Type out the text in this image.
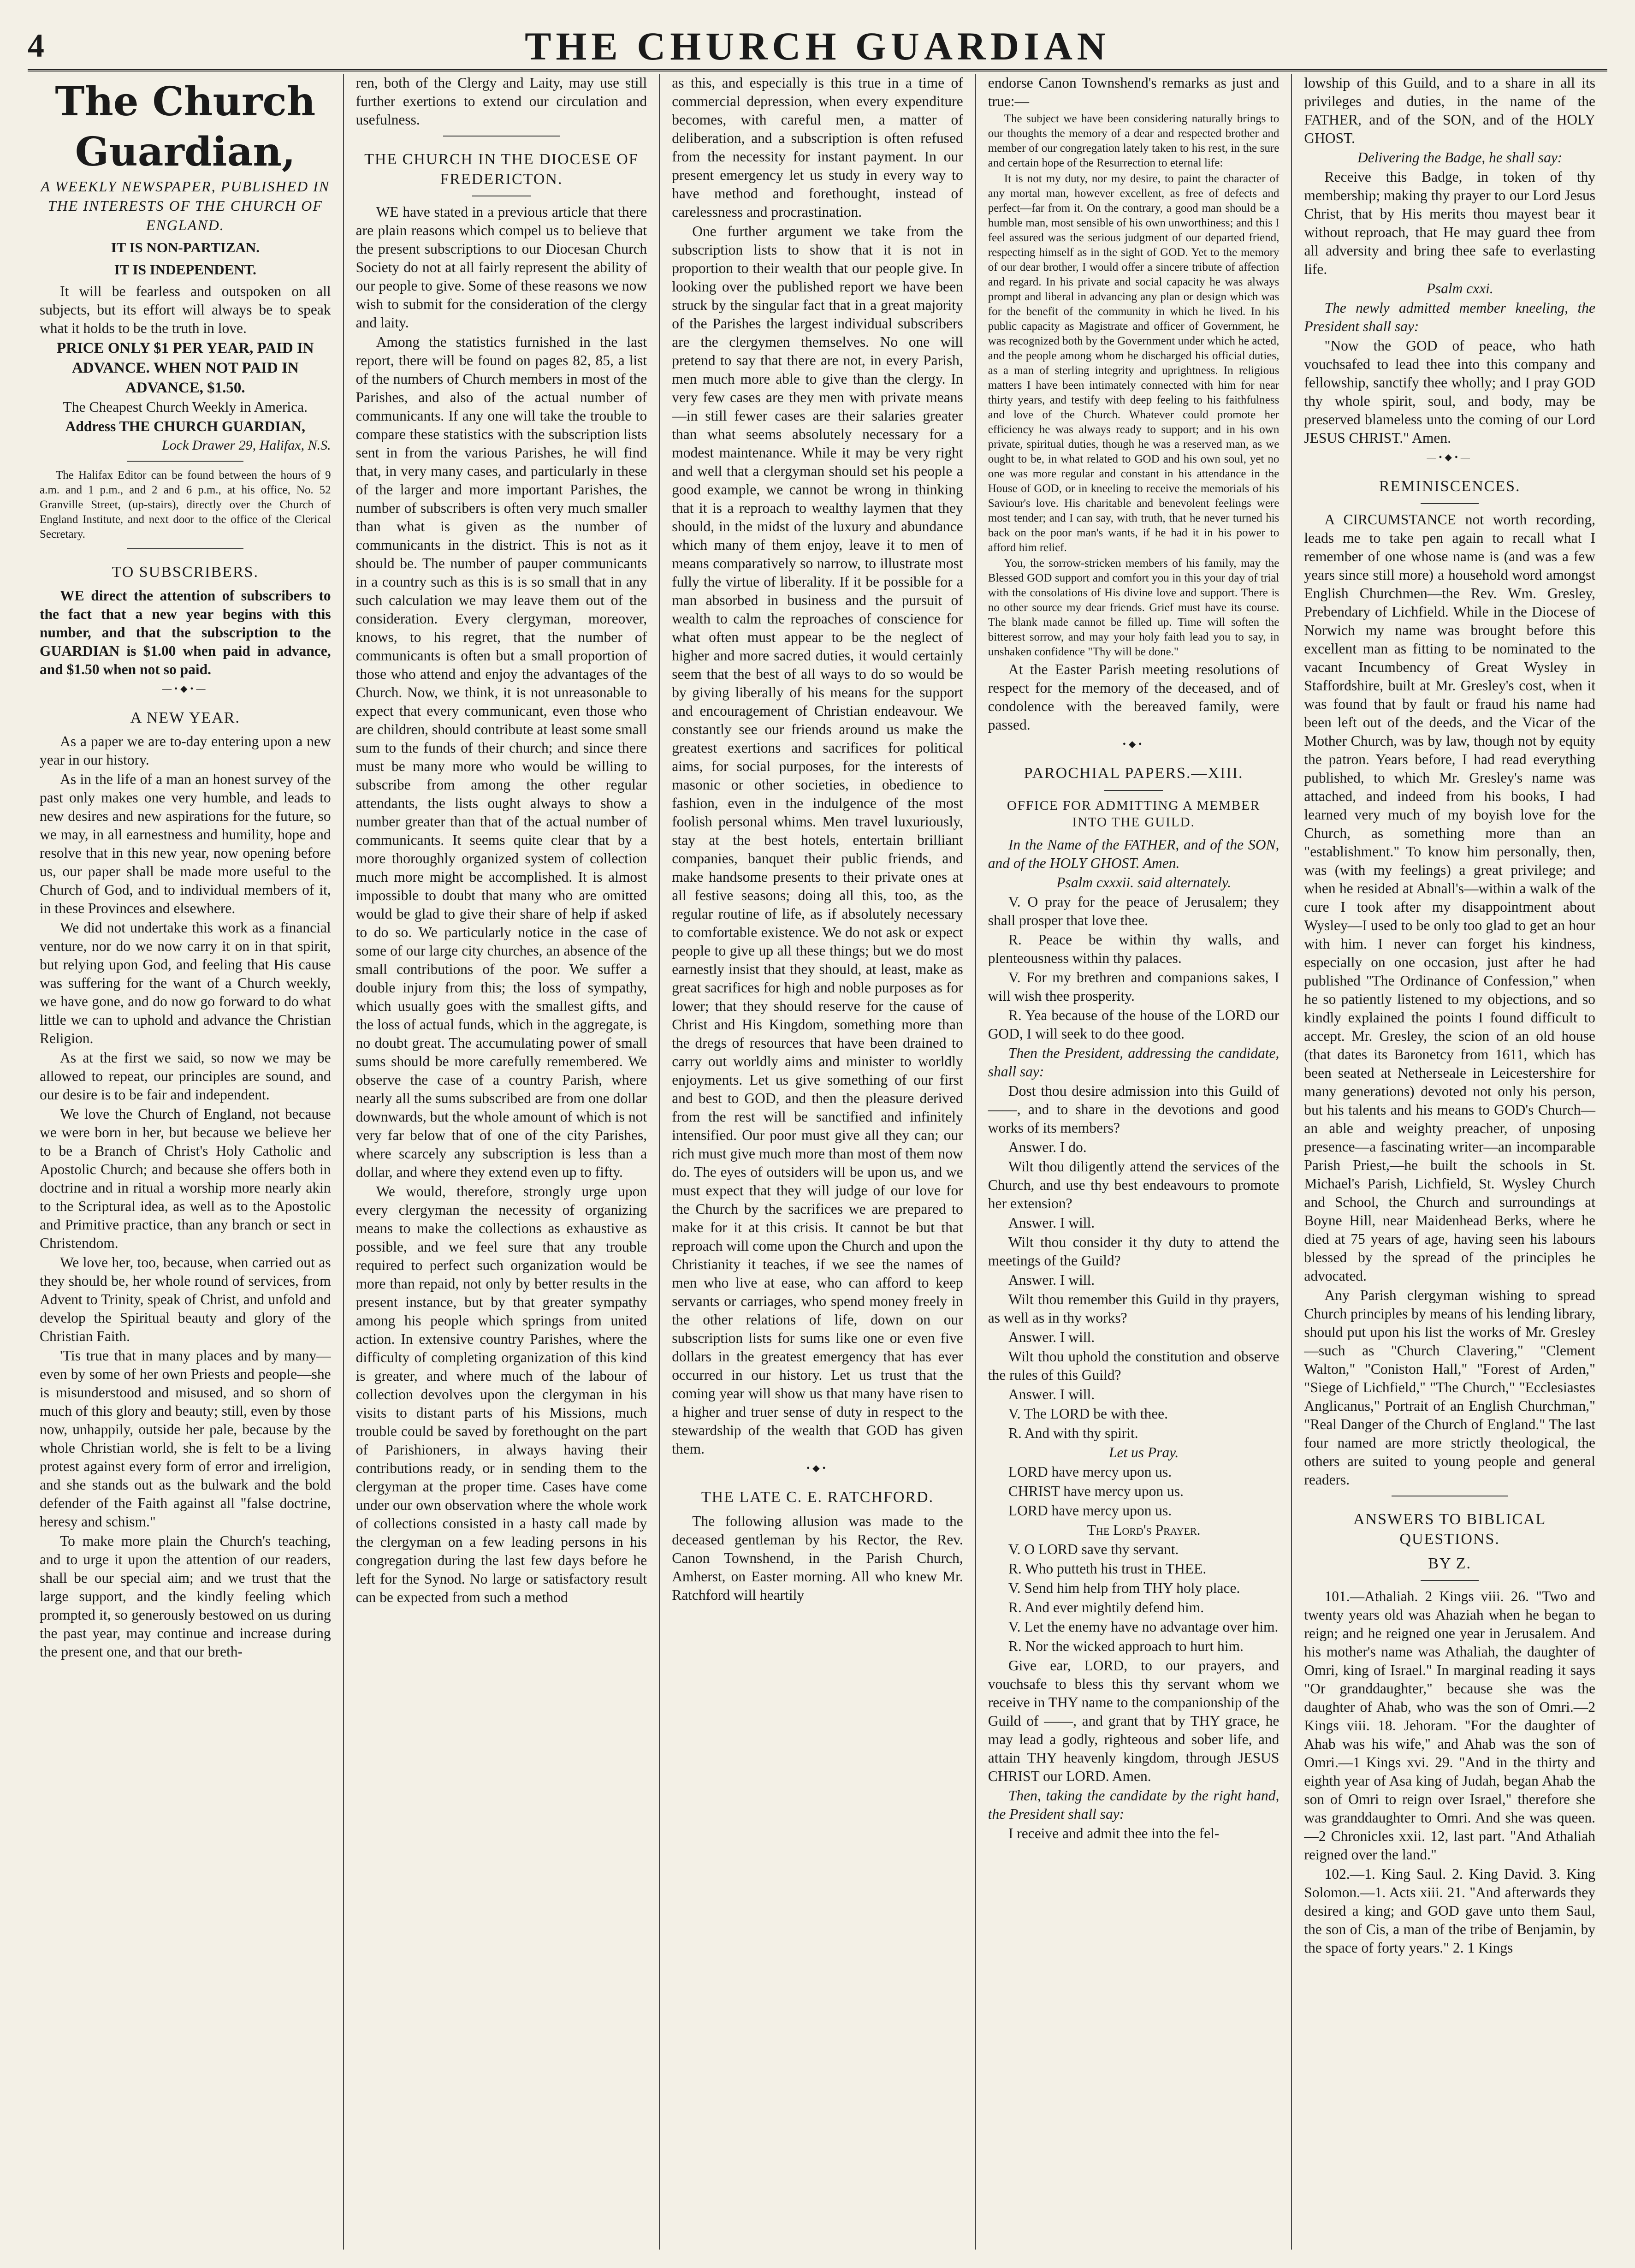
4	THE CHURCH GUARDIAN
The Church Guardian,
A WEEKLY NEWSPAPER, PUBLISHED IN THE INTERESTS OF THE CHURCH OF ENGLAND.
IT IS NON-PARTIZAN.
IT IS INDEPENDENT.

It will be fearless and outspoken on all subjects, but its effort will always be to speak what it holds to be the truth in love.

PRICE ONLY $1 PER YEAR, PAID IN ADVANCE. WHEN NOT PAID IN ADVANCE, $1.50.

The Cheapest Church Weekly in America.

Address THE CHURCH GUARDIAN,

Lock Drawer 29, Halifax, N.S.

The Halifax Editor can be found between the hours of 9 a.m. and 1 p.m., and 2 and 6 p.m., at his office, No. 52 Granville Street, (up-stairs), directly over the Church of England Institute, and next door to the office of the Clerical Secretary.

TO SUBSCRIBERS.

WE direct the attention of subscribers to the fact that a new year begins with this number, and that the subscription to the GUARDIAN is $1.00 when paid in advance, and $1.50 when not so paid.

—•◆•—
A NEW YEAR.

As a paper we are to-day entering upon a new year in our history.

As in the life of a man an honest survey of the past only makes one very humble, and leads to new desires and new aspirations for the future, so we may, in all earnestness and humility, hope and resolve that in this new year, now opening before us, our paper shall be made more useful to the Church of God, and to individual members of it, in these Provinces and elsewhere.

We did not undertake this work as a financial venture, nor do we now carry it on in that spirit, but relying upon God, and feeling that His cause was suffering for the want of a Church weekly, we have gone, and do now go forward to do what little we can to uphold and advance the Christian Religion.

As at the first we said, so now we may be allowed to repeat, our principles are sound, and our desire is to be fair and independent.

We love the Church of England, not because we were born in her, but because we believe her to be a Branch of Christ's Holy Catholic and Apostolic Church; and because she offers both in doctrine and in ritual a worship more nearly akin to the Scriptural idea, as well as to the Apostolic and Primitive practice, than any branch or sect in Christendom.

We love her, too, because, when carried out as they should be, her whole round of services, from Advent to Trinity, speak of Christ, and unfold and develop the Spiritual beauty and glory of the Christian Faith.

'Tis true that in many places and by many—even by some of her own Priests and people—she is misunderstood and misused, and so shorn of much of this glory and beauty; still, even by those now, unhappily, outside her pale, because by the whole Christian world, she is felt to be a living protest against every form of error and irreligion, and she stands out as the bulwark and the bold defender of the Faith against all "false doctrine, heresy and schism."

To make more plain the Church's teaching, and to urge it upon the attention of our readers, shall be our special aim; and we trust that the large support, and the kindly feeling which prompted it, so generously bestowed on us during the past year, may continue and increase during the present one, and that our breth-

ren, both of the Clergy and Laity, may use still further exertions to extend our circulation and usefulness.

THE CHURCH IN THE DIOCESE OF FREDERICTON.

WE have stated in a previous article that there are plain reasons which compel us to believe that the present subscriptions to our Diocesan Church Society do not at all fairly represent the ability of our people to give. Some of these reasons we now wish to submit for the consideration of the clergy and laity.

Among the statistics furnished in the last report, there will be found on pages 82, 85, a list of the numbers of Church members in most of the Parishes, and also of the actual number of communicants. If any one will take the trouble to compare these statistics with the subscription lists sent in from the various Parishes, he will find that, in very many cases, and particularly in these of the larger and more important Parishes, the number of subscribers is often very much smaller than what is given as the number of communicants in the district. This is not as it should be. The number of pauper communicants in a country such as this is is so small that in any such calculation we may leave them out of the consideration. Every clergyman, moreover, knows, to his regret, that the number of communicants is often but a small proportion of those who attend and enjoy the advantages of the Church. Now, we think, it is not unreasonable to expect that every communicant, even those who are children, should contribute at least some small sum to the funds of their church; and since there must be many more who would be willing to subscribe from among the other regular attendants, the lists ought always to show a number greater than that of the actual number of communicants. It seems quite clear that by a more thoroughly organized system of collection much more might be accomplished. It is almost impossible to doubt that many who are omitted would be glad to give their share of help if asked to do so. We particularly notice in the case of some of our large city churches, an absence of the small contributions of the poor. We suffer a double injury from this; the loss of sympathy, which usually goes with the smallest gifts, and the loss of actual funds, which in the aggregate, is no doubt great. The accumulating power of small sums should be more carefully remembered. We observe the case of a country Parish, where nearly all the sums subscribed are from one dollar downwards, but the whole amount of which is not very far below that of one of the city Parishes, where scarcely any subscription is less than a dollar, and where they extend even up to fifty.

We would, therefore, strongly urge upon every clergyman the necessity of organizing means to make the collections as exhaustive as possible, and we feel sure that any trouble required to perfect such organization would be more than repaid, not only by better results in the present instance, but by that greater sympathy among his people which springs from united action. In extensive country Parishes, where the difficulty of completing organization of this kind is greater, and where much of the labour of collection devolves upon the clergyman in his visits to distant parts of his Missions, much trouble could be saved by forethought on the part of Parishioners, in always having their contributions ready, or in sending them to the clergyman at the proper time. Cases have come under our own observation where the whole work of collections consisted in a hasty call made by the clergyman on a few leading persons in his congregation during the last few days before he left for the Synod. No large or satisfactory result can be expected from such a method

as this, and especially is this true in a time of commercial depression, when every expenditure becomes, with careful men, a matter of deliberation, and a subscription is often refused from the necessity for instant payment. In our present emergency let us study in every way to have method and forethought, instead of carelessness and procrastination.

One further argument we take from the subscription lists to show that it is not in proportion to their wealth that our people give. In looking over the published report we have been struck by the singular fact that in a great majority of the Parishes the largest individual subscribers are the clergymen themselves. No one will pretend to say that there are not, in every Parish, men much more able to give than the clergy. In very few cases are they men with private means—in still fewer cases are their salaries greater than what seems absolutely necessary for a modest maintenance. While it may be very right and well that a clergyman should set his people a good example, we cannot be wrong in thinking that it is a reproach to wealthy laymen that they should, in the midst of the luxury and abundance which many of them enjoy, leave it to men of means comparatively so narrow, to illustrate most fully the virtue of liberality. If it be possible for a man absorbed in business and the pursuit of wealth to calm the reproaches of conscience for what often must appear to be the neglect of higher and more sacred duties, it would certainly seem that the best of all ways to do so would be by giving liberally of his means for the support and encouragement of Christian endeavour. We constantly see our friends around us make the greatest exertions and sacrifices for political aims, for social purposes, for the interests of masonic or other societies, in obedience to fashion, even in the indulgence of the most foolish personal whims. Men travel luxuriously, stay at the best hotels, entertain brilliant companies, banquet their public friends, and make handsome presents to their private ones at all festive seasons; doing all this, too, as the regular routine of life, as if absolutely necessary to comfortable existence. We do not ask or expect people to give up all these things; but we do most earnestly insist that they should, at least, make as great sacrifices for high and noble purposes as for lower; that they should reserve for the cause of Christ and His Kingdom, something more than the dregs of resources that have been drained to carry out worldly aims and minister to worldly enjoyments. Let us give something of our first and best to GOD, and then the pleasure derived from the rest will be sanctified and infinitely intensified. Our poor must give all they can; our rich must give much more than most of them now do. The eyes of outsiders will be upon us, and we must expect that they will judge of our love for the Church by the sacrifices we are prepared to make for it at this crisis. It cannot be but that reproach will come upon the Church and upon the Christianity it teaches, if we see the names of men who live at ease, who can afford to keep servants or carriages, who spend money freely in the other relations of life, down on our subscription lists for sums like one or even five dollars in the greatest emergency that has ever occurred in our history. Let us trust that the coming year will show us that many have risen to a higher and truer sense of duty in respect to the stewardship of the wealth that GOD has given them.

—•◆•—
THE LATE C. E. RATCHFORD.

The following allusion was made to the deceased gentleman by his Rector, the Rev. Canon Townshend, in the Parish Church, Amherst, on Easter morning. All who knew Mr. Ratchford will heartily

endorse Canon Townshend's remarks as just and true:—

The subject we have been considering naturally brings to our thoughts the memory of a dear and respected brother and member of our congregation lately taken to his rest, in the sure and certain hope of the Resurrection to eternal life:

It is not my duty, nor my desire, to paint the character of any mortal man, however excellent, as free of defects and perfect—far from it. On the contrary, a good man should be a humble man, most sensible of his own unworthiness; and this I feel assured was the serious judgment of our departed friend, respecting himself as in the sight of GOD. Yet to the memory of our dear brother, I would offer a sincere tribute of affection and regard. In his private and social capacity he was always prompt and liberal in advancing any plan or design which was for the benefit of the community in which he lived. In his public capacity as Magistrate and officer of Government, he was recognized both by the Government under which he acted, and the people among whom he discharged his official duties, as a man of sterling integrity and uprightness. In religious matters I have been intimately connected with him for near thirty years, and testify with deep feeling to his faithfulness and love of the Church. Whatever could promote her efficiency he was always ready to support; and in his own private, spiritual duties, though he was a reserved man, as we ought to be, in what related to GOD and his own soul, yet no one was more regular and constant in his attendance in the House of GOD, or in kneeling to receive the memorials of his Saviour's love. His charitable and benevolent feelings were most tender; and I can say, with truth, that he never turned his back on the poor man's wants, if he had it in his power to afford him relief.

You, the sorrow-stricken members of his family, may the Blessed GOD support and comfort you in this your day of trial with the consolations of His divine love and support. There is no other source my dear friends. Grief must have its course. The blank made cannot be filled up. Time will soften the bitterest sorrow, and may your holy faith lead you to say, in unshaken confidence "Thy will be done."

At the Easter Parish meeting resolutions of respect for the memory of the deceased, and of condolence with the bereaved family, were passed.

—•◆•—
PAROCHIAL PAPERS.—XIII.
OFFICE FOR ADMITTING A MEMBER INTO THE GUILD.

In the Name of the FATHER, and of the SON, and of the HOLY GHOST. Amen.

Psalm cxxxii. said alternately.

V. O pray for the peace of Jerusalem; they shall prosper that love thee.

R. Peace be within thy walls, and plenteousness within thy palaces.

V. For my brethren and companions sakes, I will wish thee prosperity.

R. Yea because of the house of the LORD our GOD, I will seek to do thee good.

Then the President, addressing the candidate, shall say:

Dost thou desire admission into this Guild of ——, and to share in the devotions and good works of its members?

Answer. I do.

Wilt thou diligently attend the services of the Church, and use thy best endeavours to promote her extension?

Answer. I will.

Wilt thou consider it thy duty to attend the meetings of the Guild?

Answer. I will.

Wilt thou remember this Guild in thy prayers, as well as in thy works?

Answer. I will.

Wilt thou uphold the constitution and observe the rules of this Guild?

Answer. I will.

V. The LORD be with thee.

R. And with thy spirit.

Let us Pray.

LORD have mercy upon us.

CHRIST have mercy upon us.

LORD have mercy upon us.

The Lord's Prayer.

V. O LORD save thy servant.

R. Who putteth his trust in THEE.

V. Send him help from THY holy place.

R. And ever mightily defend him.

V. Let the enemy have no advantage over him.

R. Nor the wicked approach to hurt him.

Give ear, LORD, to our prayers, and vouchsafe to bless this thy servant whom we receive in THY name to the companionship of the Guild of ——, and grant that by THY grace, he may lead a godly, righteous and sober life, and attain THY heavenly kingdom, through JESUS CHRIST our LORD. Amen.

Then, taking the candidate by the right hand, the President shall say:

I receive and admit thee into the fel-

lowship of this Guild, and to a share in all its privileges and duties, in the name of the FATHER, and of the SON, and of the HOLY GHOST.

Delivering the Badge, he shall say:

Receive this Badge, in token of thy membership; making thy prayer to our Lord Jesus Christ, that by His merits thou mayest bear it without reproach, that He may guard thee from all adversity and bring thee safe to everlasting life.

Psalm cxxi.

The newly admitted member kneeling, the President shall say:

"Now the GOD of peace, who hath vouchsafed to lead thee into this company and fellowship, sanctify thee wholly; and I pray GOD thy whole spirit, soul, and body, may be preserved blameless unto the coming of our Lord JESUS CHRIST." Amen.

—•◆•—
REMINISCENCES.

A CIRCUMSTANCE not worth recording, leads me to take pen again to recall what I remember of one whose name is (and was a few years since still more) a household word amongst English Churchmen—the Rev. Wm. Gresley, Prebendary of Lichfield. While in the Diocese of Norwich my name was brought before this excellent man as fitting to be nominated to the vacant Incumbency of Great Wysley in Staffordshire, built at Mr. Gresley's cost, when it was found that by fault or fraud his name had been left out of the deeds, and the Vicar of the Mother Church, was by law, though not by equity the patron. Years before, I had read everything published, to which Mr. Gresley's name was attached, and indeed from his books, I had learned very much of my boyish love for the Church, as something more than an "establishment." To know him personally, then, was (with my feelings) a great privilege; and when he resided at Abnall's—within a walk of the cure I took after my disappointment about Wysley—I used to be only too glad to get an hour with him. I never can forget his kindness, especially on one occasion, just after he had published "The Ordinance of Confession," when he so patiently listened to my objections, and so kindly explained the points I found difficult to accept. Mr. Gresley, the scion of an old house (that dates its Baronetcy from 1611, which has been seated at Netherseale in Leicestershire for many generations) devoted not only his person, but his talents and his means to GOD's Church—an able and weighty preacher, of unposing presence—a fascinating writer—an incomparable Parish Priest,—he built the schools in St. Michael's Parish, Lichfield, St. Wysley Church and School, the Church and surroundings at Boyne Hill, near Maidenhead Berks, where he died at 75 years of age, having seen his labours blessed by the spread of the principles he advocated.

Any Parish clergyman wishing to spread Church principles by means of his lending library, should put upon his list the works of Mr. Gresley—such as "Church Clavering," "Clement Walton," "Coniston Hall," "Forest of Arden," "Siege of Lichfield," "The Church," "Ecclesiastes Anglicanus," Portrait of an English Churchman," "Real Danger of the Church of England." The last four named are more strictly theological, the others are suited to young people and general readers.

ANSWERS TO BIBLICAL QUESTIONS.
BY Z.

101.—Athaliah. 2 Kings viii. 26. "Two and twenty years old was Ahaziah when he began to reign; and he reigned one year in Jerusalem. And his mother's name was Athaliah, the daughter of Omri, king of Israel." In marginal reading it says "Or granddaughter," because she was the daughter of Ahab, who was the son of Omri.—2 Kings viii. 18. Jehoram. "For the daughter of Ahab was his wife," and Ahab was the son of Omri.—1 Kings xvi. 29. "And in the thirty and eighth year of Asa king of Judah, began Ahab the son of Omri to reign over Israel," therefore she was granddaughter to Omri. And she was queen.—2 Chronicles xxii. 12, last part. "And Athaliah reigned over the land."

102.—1. King Saul. 2. King David. 3. King Solomon.—1. Acts xiii. 21. "And afterwards they desired a king; and GOD gave unto them Saul, the son of Cis, a man of the tribe of Benjamin, by the space of forty years." 2. 1 Kings
